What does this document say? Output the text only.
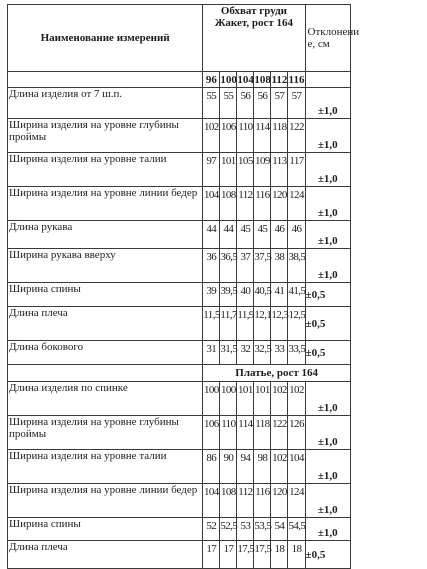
Наименование измерений	Обхват груди
Жакет, рост 164						Отклонени е, см
	96	100	104	108	112	116	
Длина изделия от 7 ш.п.	55	55	56	56	57	57	±1,0
Ширина изделия на уровне глубины проймы	102	106	110	114	118	122	±1,0
Ширина изделия на уровне талии	97	101	105	109	113	117	±1,0
Ширина изделия на уровне линии бедер	104	108	112	116	120	124	±1,0
Длина рукава	44	44	45	45	46	46	±1,0
Ширина рукава вверху	36	36,5	37	37,5	38	38,5	±1,0
Ширина спины	39	39,5	40	40,5	41	41,5	±0,5
Длина плеча	11,5	11,7	11,9	12,1	12,3	12,5	±0,5
Длина бокового	31	31,5	32	32,5	33	33,5	±0,5
	Платье, рост 164						
Длина изделия по спинке	100	100	101	101	102	102	±1,0
Ширина изделия на уровне глубины проймы	106	110	114	118	122	126	±1,0
Ширина изделия на уровне талии	86	90	94	98	102	104	±1,0
Ширина изделия на уровне линии бедер	104	108	112	116	120	124	±1,0
Ширина спины	52	52,5	53	53,5	54	54,5	±1,0
Длина плеча	17	17	17,5	17,5	18	18	±0,5
